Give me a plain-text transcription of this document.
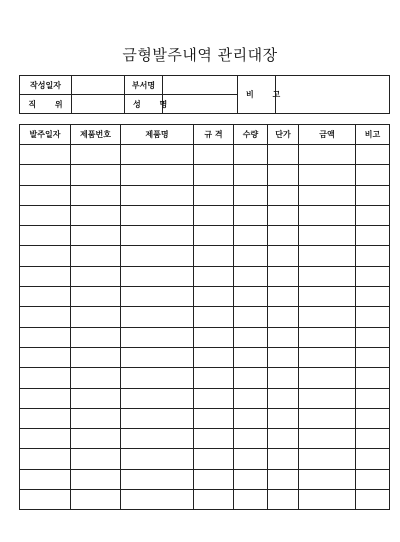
금형발주내역 관리대장
작성일자		부서명		비 고	
직 위		성 명			
발주일자	제품번호	제품명	규 격	수량	단가	금액	비고
